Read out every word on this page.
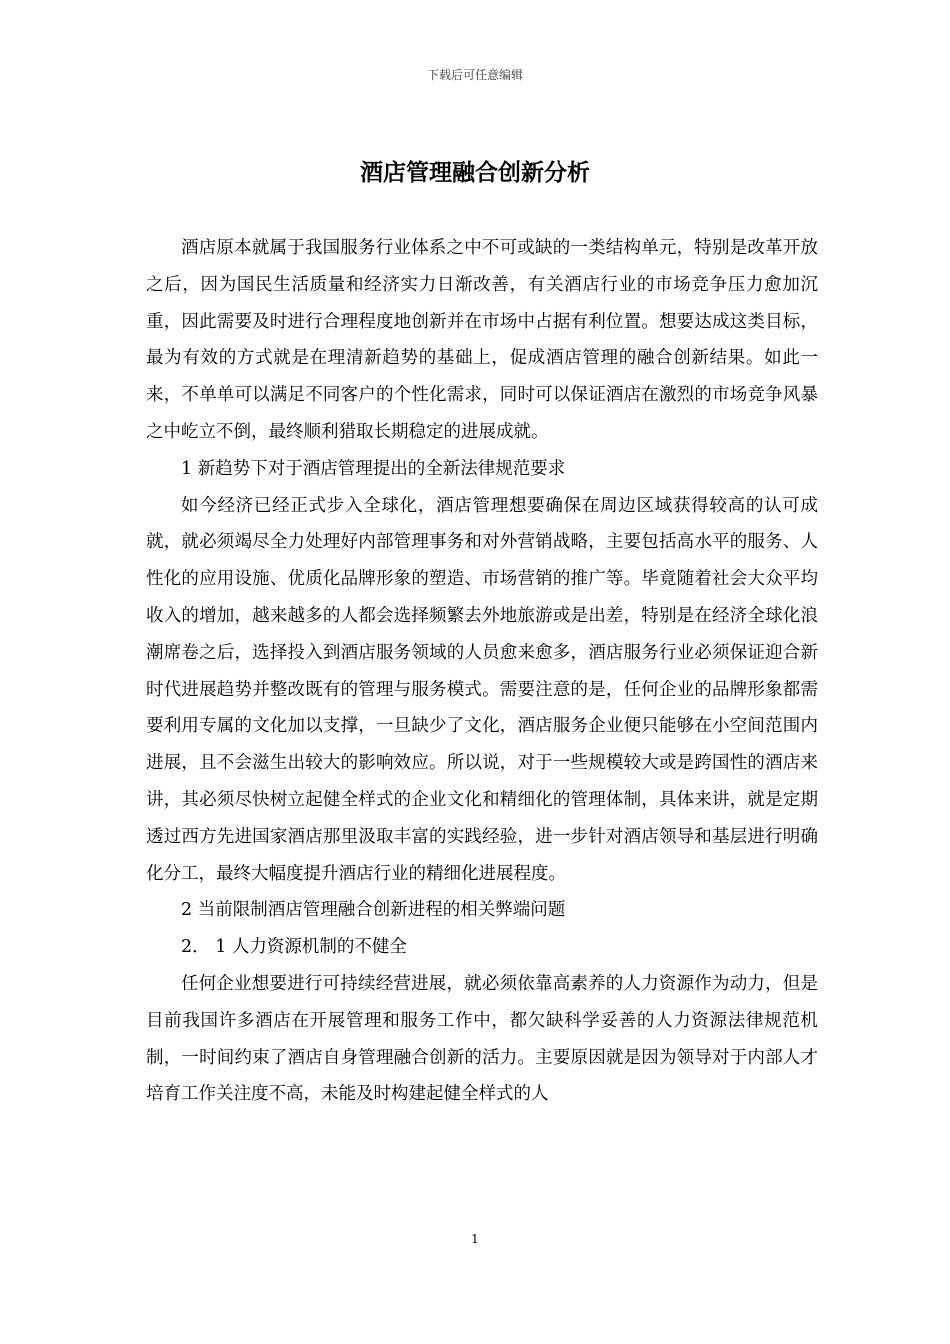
下载后可任意编辑
酒店管理融合创新分析

酒店原本就属于我国服务行业体系之中不可或缺的一类结构单元，特别是改革开放之后，因为国民生活质量和经济实力日渐改善，有关酒店行业的市场竞争压力愈加沉重，因此需要及时进行合理程度地创新并在市场中占据有利位置。想要达成这类目标，最为有效的方式就是在理清新趋势的基础上，促成酒店管理的融合创新结果。如此一来，不单单可以满足不同客户的个性化需求，同时可以保证酒店在激烈的市场竞争风暴之中屹立不倒，最终顺利猎取长期稳定的进展成就。

1 新趋势下对于酒店管理提出的全新法律规范要求

如今经济已经正式步入全球化，酒店管理想要确保在周边区域获得较高的认可成就，就必须竭尽全力处理好内部管理事务和对外营销战略，主要包括高水平的服务、人性化的应用设施、优质化品牌形象的塑造、市场营销的推广等。毕竟随着社会大众平均收入的增加，越来越多的人都会选择频繁去外地旅游或是出差，特别是在经济全球化浪潮席卷之后，选择投入到酒店服务领域的人员愈来愈多，酒店服务行业必须保证迎合新时代进展趋势并整改既有的管理与服务模式。需要注意的是，任何企业的品牌形象都需要利用专属的文化加以支撑，一旦缺少了文化，酒店服务企业便只能够在小空间范围内进展，且不会滋生出较大的影响效应。所以说，对于一些规模较大或是跨国性的酒店来讲，其必须尽快树立起健全样式的企业文化和精细化的管理体制，具体来讲，就是定期透过西方先进国家酒店那里汲取丰富的实践经验，进一步针对酒店领导和基层进行明确化分工，最终大幅度提升酒店行业的精细化进展程度。

2 当前限制酒店管理融合创新进程的相关弊端问题

2． 1 人力资源机制的不健全

任何企业想要进行可持续经营进展，就必须依靠高素养的人力资源作为动力，但是目前我国许多酒店在开展管理和服务工作中，都欠缺科学妥善的人力资源法律规范机制，一时间约束了酒店自身管理融合创新的活力。主要原因就是因为领导对于内部人才培育工作关注度不高，未能及时构建起健全样式的人

1
